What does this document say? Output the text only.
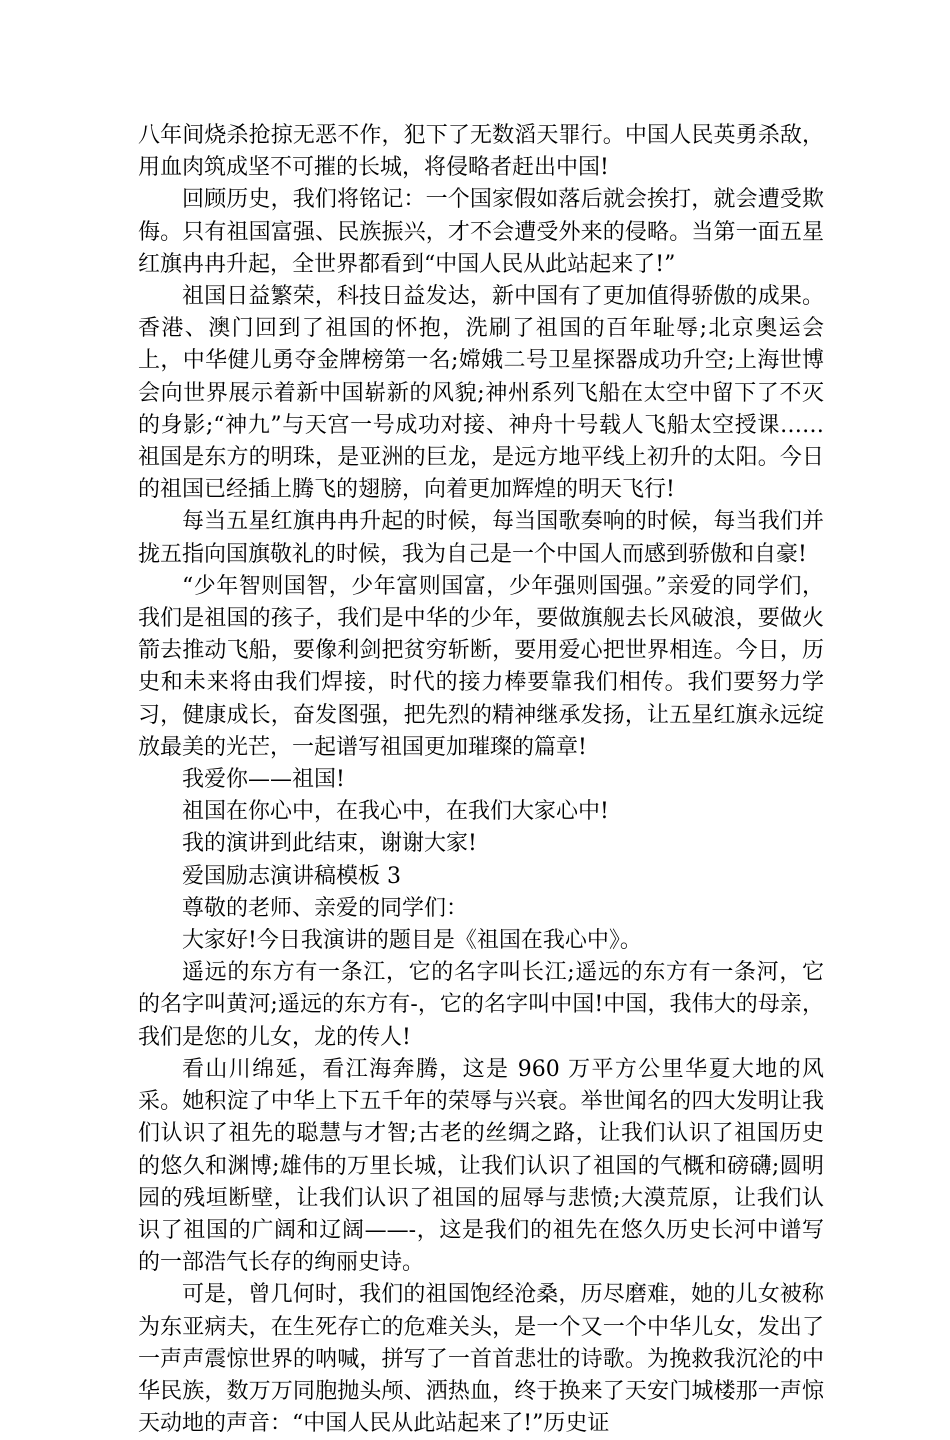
八年间烧杀抢掠无恶不作，犯下了无数滔天罪行。中国人民英勇杀敌，用血肉筑成坚不可摧的长城，将侵略者赶出中国!

回顾历史，我们将铭记：一个国家假如落后就会挨打，就会遭受欺侮。只有祖国富强、民族振兴，才不会遭受外来的侵略。当第一面五星红旗冉冉升起，全世界都看到“中国人民从此站起来了!”

祖国日益繁荣，科技日益发达，新中国有了更加值得骄傲的成果。香港、澳门回到了祖国的怀抱，洗刷了祖国的百年耻辱;北京奥运会上，中华健儿勇夺金牌榜第一名;嫦娥二号卫星探器成功升空;上海世博会向世界展示着新中国崭新的风貌;神州系列飞船在太空中留下了不灭的身影;“神九”与天宫一号成功对接、神舟十号载人飞船太空授课……祖国是东方的明珠，是亚洲的巨龙，是远方地平线上初升的太阳。今日的祖国已经插上腾飞的翅膀，向着更加辉煌的明天飞行!

每当五星红旗冉冉升起的时候，每当国歌奏响的时候，每当我们并拢五指向国旗敬礼的时候，我为自己是一个中国人而感到骄傲和自豪!

“少年智则国智，少年富则国富，少年强则国强。”亲爱的同学们，我们是祖国的孩子，我们是中华的少年，要做旗舰去长风破浪，要做火箭去推动飞船，要像利剑把贫穷斩断，要用爱心把世界相连。今日，历史和未来将由我们焊接，时代的接力棒要靠我们相传。我们要努力学习，健康成长，奋发图强，把先烈的精神继承发扬，让五星红旗永远绽放最美的光芒，一起谱写祖国更加璀璨的篇章!

我爱你——祖国!

祖国在你心中，在我心中，在我们大家心中!

我的演讲到此结束，谢谢大家!

爱国励志演讲稿模板 3

尊敬的老师、亲爱的同学们：

大家好!今日我演讲的题目是《祖国在我心中》。

遥远的东方有一条江，它的名字叫长江;遥远的东方有一条河，它的名字叫黄河;遥远的东方有-，它的名字叫中国!中国，我伟大的母亲，我们是您的儿女，龙的传人!

看山川绵延，看江海奔腾，这是 960 万平方公里华夏大地的风采。她积淀了中华上下五千年的荣辱与兴衰。举世闻名的四大发明让我们认识了祖先的聪慧与才智;古老的丝绸之路，让我们认识了祖国历史的悠久和渊博;雄伟的万里长城，让我们认识了祖国的气概和磅礴;圆明园的残垣断壁，让我们认识了祖国的屈辱与悲愤;大漠荒原，让我们认识了祖国的广阔和辽阔——-，这是我们的祖先在悠久历史长河中谱写的一部浩气长存的绚丽史诗。

可是，曾几何时，我们的祖国饱经沧桑，历尽磨难，她的儿女被称为东亚病夫，在生死存亡的危难关头，是一个又一个中华儿女，发出了一声声震惊世界的呐喊，拼写了一首首悲壮的诗歌。为挽救我沉沦的中华民族，数万万同胞抛头颅、洒热血，终于换来了天安门城楼那一声惊天动地的声音：“中国人民从此站起来了!”历史证
